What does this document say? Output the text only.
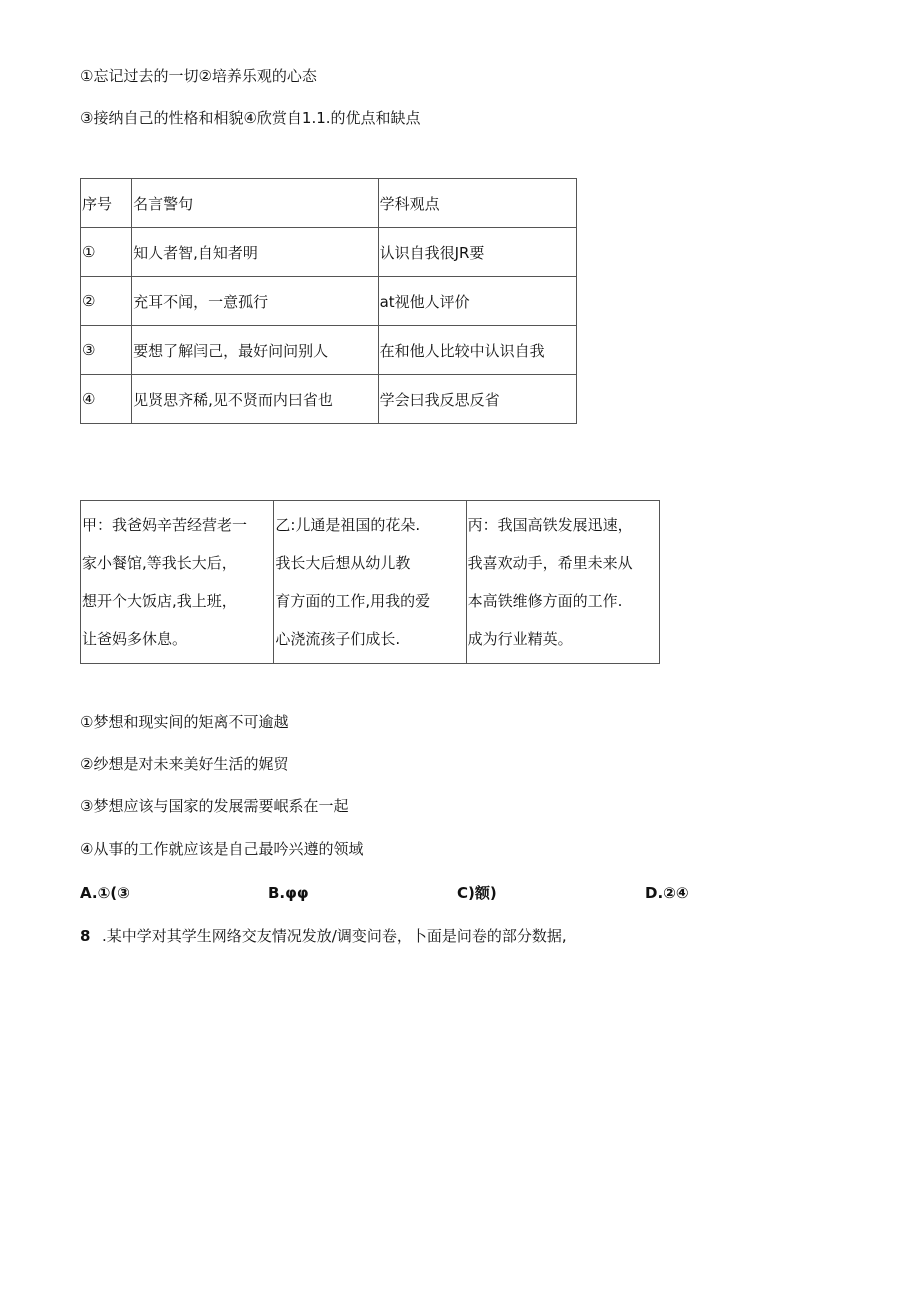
①忘记过去的一切②培养乐观的心态
③接纳自己的性格和相貌④欣赏自1.1.的优点和缺点
序号	名言警句	学科观点
①	知人者智,自知者明	认识自我很JR要
②	充耳不闻，一意孤行	at视他人评价
③	要想了解闫己，最好问问别人	在和他人比较中认识自我
④	见贤思齐稀,见不贤而内曰省也	学会曰我反思反省
甲：我爸妈辛苦经营老一
家小餐馆,等我长大后，
想开个大饭店,我上班，
让爸妈多休息。

乙:儿通是祖国的花朵.
我长大后想从幼儿教
育方面的工作,用我的爱
心浇流孩子们成长.

丙：我国高铁发展迅速，
我喜欢动手，希里未来从
本高铁维修方面的工作.
成为行业精英。
①梦想和现实间的矩离不可逾越
②纱想是对未来美好生活的娓贸
③梦想应该与国家的发展需要岷系在一起
④从事的工作就应该是自己最吟兴遵的领域
A.①(③	B.φφ	C)额)	D.②④
8 .某中学对其学生网络交友情况发放/调变问卷，卜面是问卷的部分数据,
